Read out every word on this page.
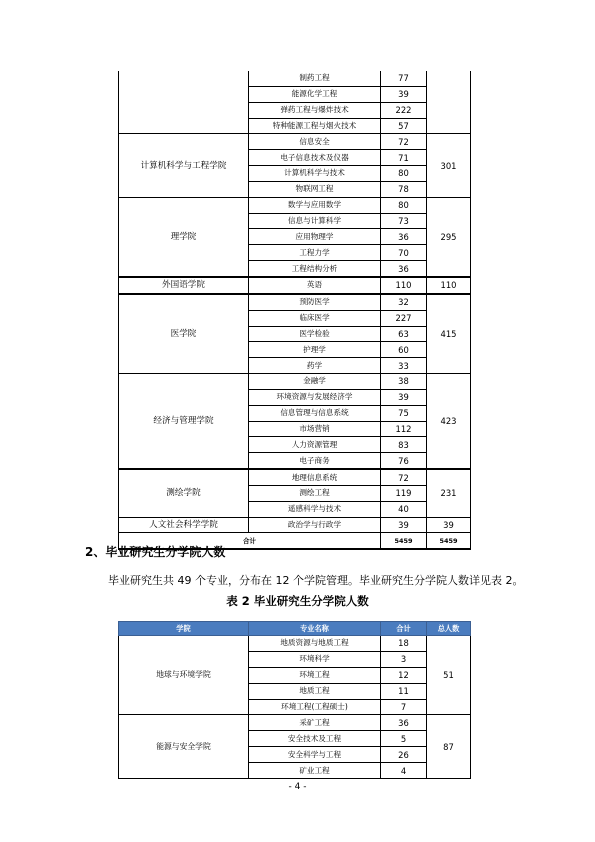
	制药工程	77	
	能源化学工程	39	
	弹药工程与爆炸技术	222	
	特种能源工程与烟火技术	57	
计算机科学与工程学院	信息安全	72	301
	电子信息技术及仪器	71	
	计算机科学与技术	80	
	物联网工程	78	
理学院	数学与应用数学	80	295
	信息与计算科学	73	
	应用物理学	36	
	工程力学	70	
	工程结构分析	36	
外国语学院	英语	110	110
医学院	预防医学	32	415
	临床医学	227	
	医学检验	63	
	护理学	60	
	药学	33	
经济与管理学院	金融学	38	423
	环境资源与发展经济学	39	
	信息管理与信息系统	75	
	市场营销	112	
	人力资源管理	83	
	电子商务	76	
测绘学院	地理信息系统	72	231
	测绘工程	119	
	遥感科学与技术	40	
人文社会科学学院	政治学与行政学	39	39
合计		5459	5459
2、毕业研究生分学院人数
毕业研究生共 49 个专业，分布在 12 个学院管理。毕业研究生分学院人数详见表 2。
表 2 毕业研究生分学院人数
学院	专业名称	合计	总人数
地球与环境学院	地质资源与地质工程	18	51
	环境科学	3	
	环境工程	12	
	地质工程	11	
	环境工程(工程硕士)	7	
能源与安全学院	采矿工程	36	87
	安全技术及工程	5	
	安全科学与工程	26	
	矿业工程	4	
- 4 -
